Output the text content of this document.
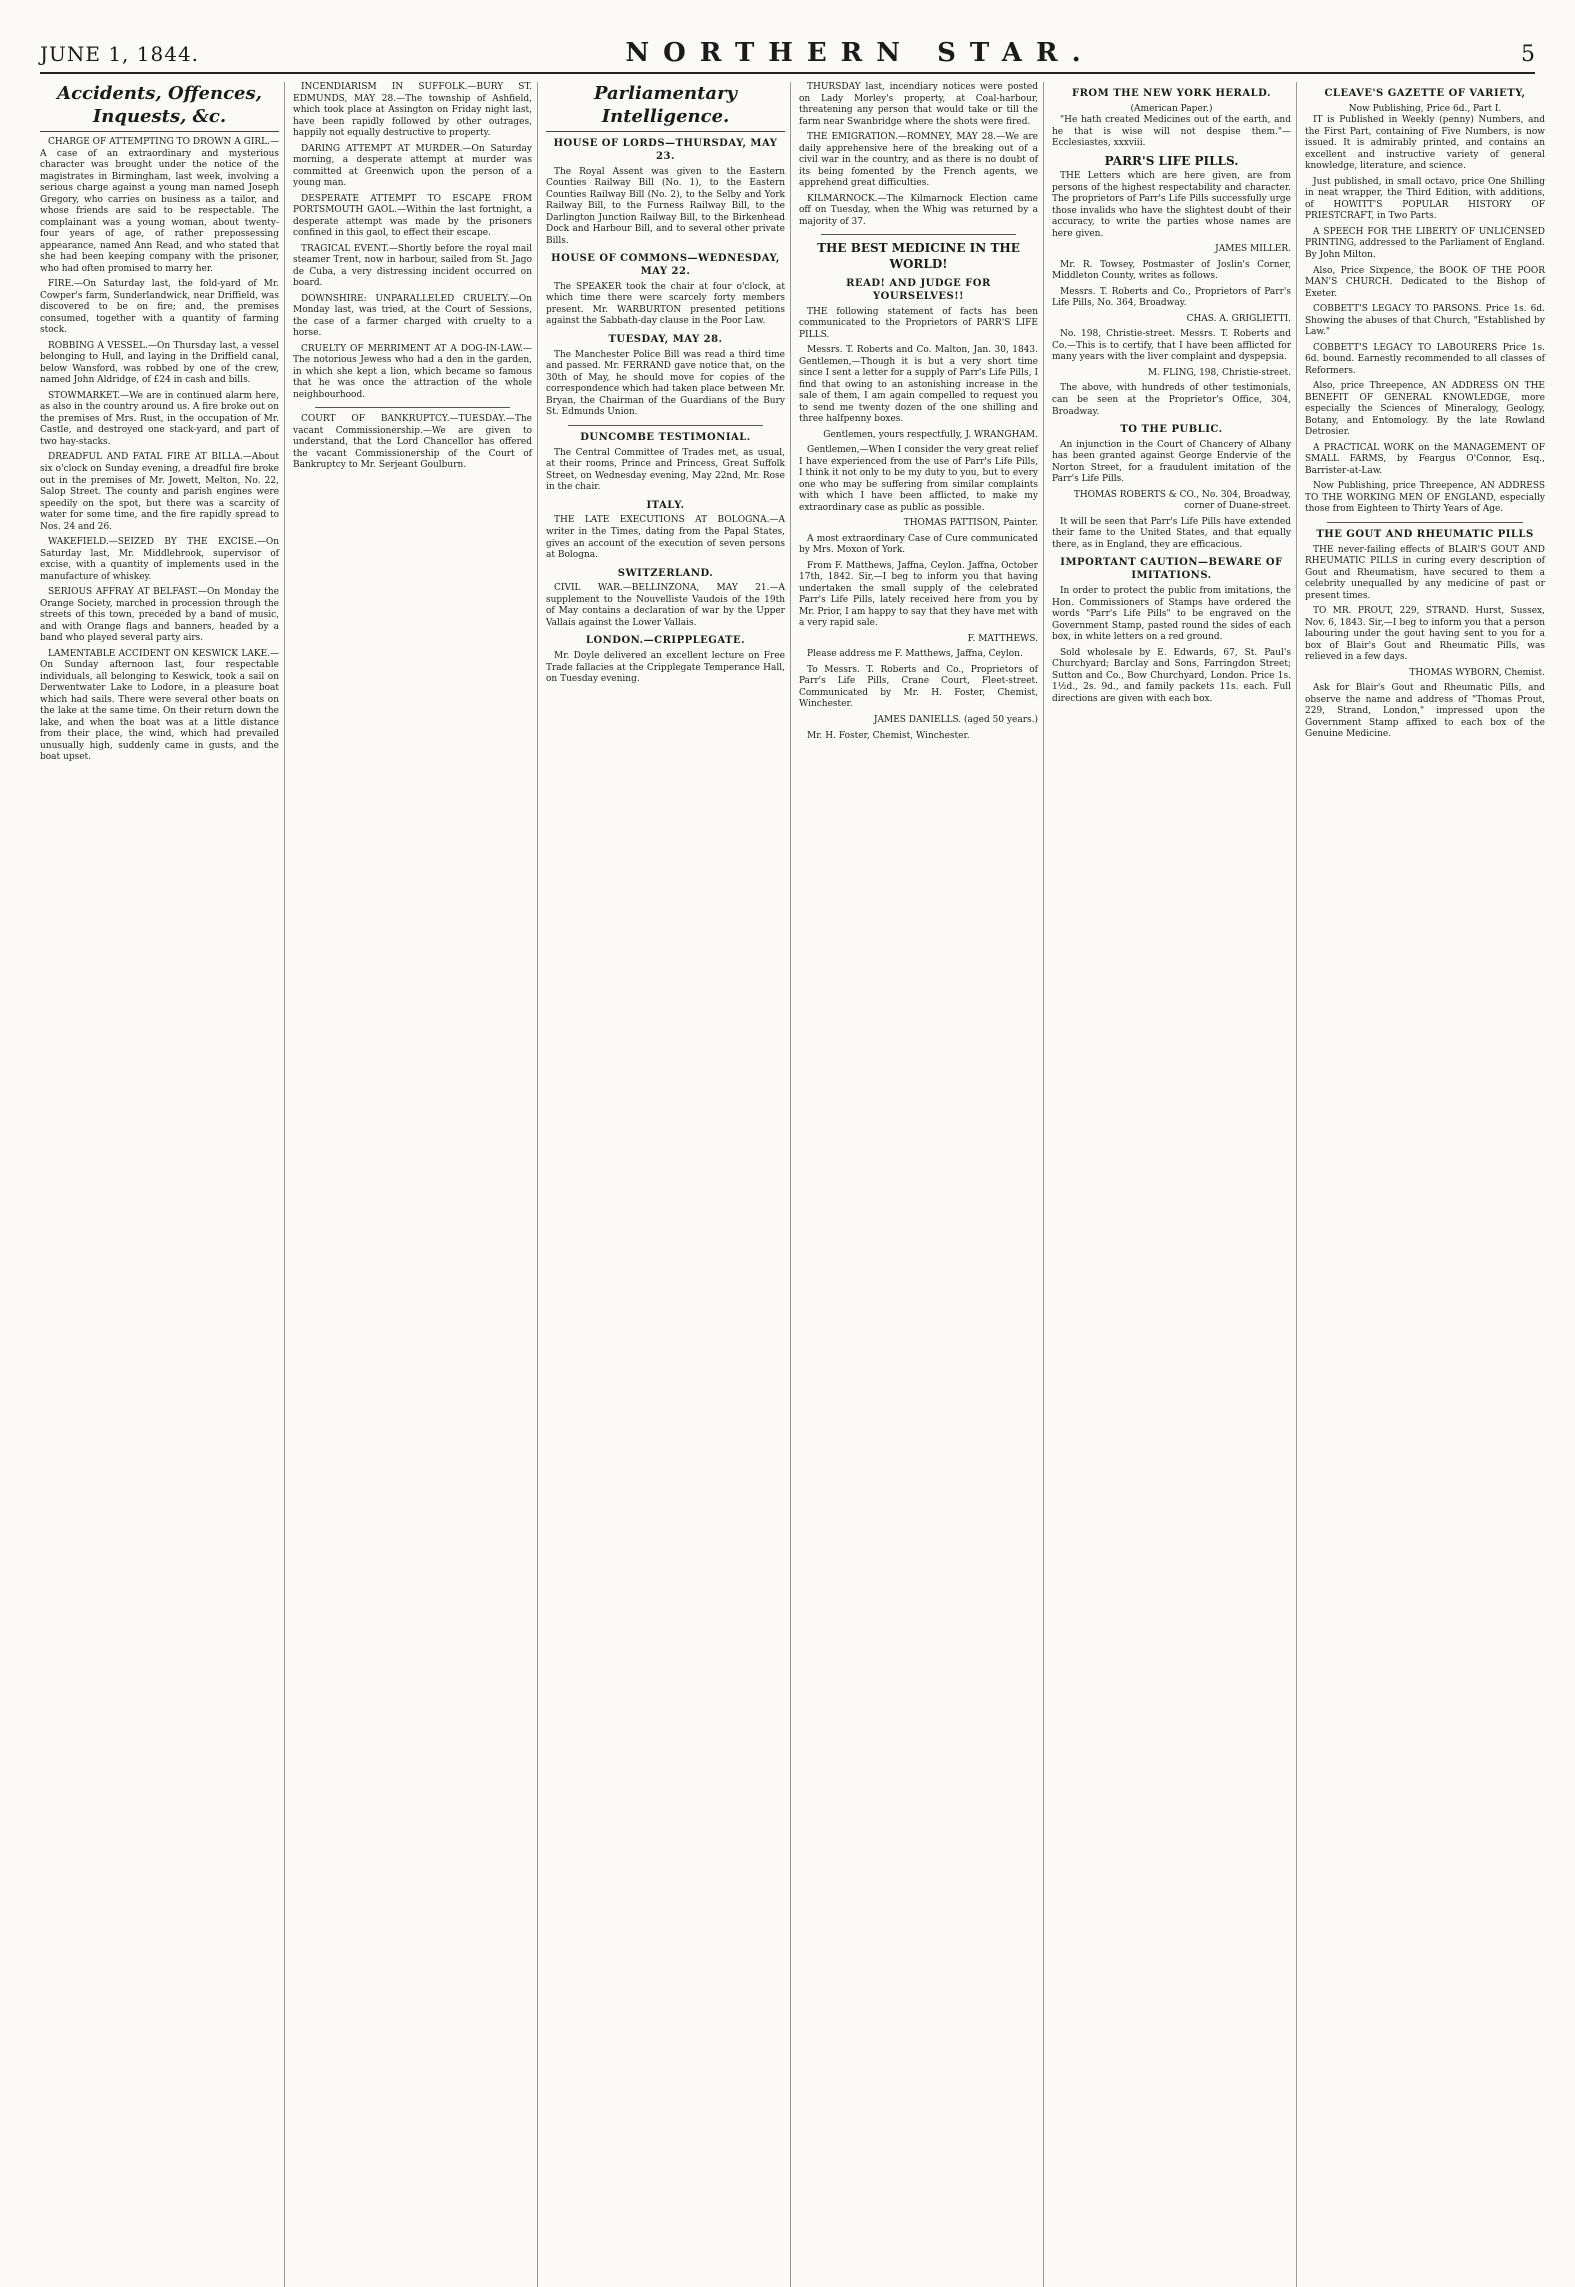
JUNE 1, 1844.	NORTHERN STAR.	5
Accidents, Offences, Inquests, &c.

CHARGE OF ATTEMPTING TO DROWN A GIRL.—A case of an extraordinary and mysterious character was brought under the notice of the magistrates in Birmingham, last week, involving a serious charge against a young man named Joseph Gregory, who carries on business as a tailor, and whose friends are said to be respectable. The complainant was a young woman, about twenty-four years of age, of rather prepossessing appearance, named Ann Read, and who stated that she had been keeping company with the prisoner, who had often promised to marry her.

FIRE.—On Saturday last, the fold-yard of Mr. Cowper's farm, Sunderlandwick, near Driffield, was discovered to be on fire; and, the premises consumed, together with a quantity of farming stock.

ROBBING A VESSEL.—On Thursday last, a vessel belonging to Hull, and laying in the Driffield canal, below Wansford, was robbed by one of the crew, named John Aldridge, of £24 in cash and bills.

STOWMARKET.—We are in continued alarm here, as also in the country around us. A fire broke out on the premises of Mrs. Rust, in the occupation of Mr. Castle, and destroyed one stack-yard, and part of two hay-stacks.

DREADFUL AND FATAL FIRE AT BILLA.—About six o'clock on Sunday evening, a dreadful fire broke out in the premises of Mr. Jowett, Melton, No. 22, Salop Street. The county and parish engines were speedily on the spot, but there was a scarcity of water for some time, and the fire rapidly spread to Nos. 24 and 26.

WAKEFIELD.—SEIZED BY THE EXCISE.—On Saturday last, Mr. Middlebrook, supervisor of excise, with a quantity of implements used in the manufacture of whiskey.

SERIOUS AFFRAY AT BELFAST.—On Monday the Orange Society, marched in procession through the streets of this town, preceded by a band of music, and with Orange flags and banners, headed by a band who played several party airs.

LAMENTABLE ACCIDENT ON KESWICK LAKE.—On Sunday afternoon last, four respectable individuals, all belonging to Keswick, took a sail on Derwentwater Lake to Lodore, in a pleasure boat which had sails. There were several other boats on the lake at the same time. On their return down the lake, and when the boat was at a little distance from their place, the wind, which had prevailed unusually high, suddenly came in gusts, and the boat upset.

INCENDIARISM IN SUFFOLK.—BURY ST. EDMUNDS, MAY 28.—The township of Ashfield, which took place at Assington on Friday night last, have been rapidly followed by other outrages, happily not equally destructive to property.

DARING ATTEMPT AT MURDER.—On Saturday morning, a desperate attempt at murder was committed at Greenwich upon the person of a young man.

DESPERATE ATTEMPT TO ESCAPE FROM PORTSMOUTH GAOL.—Within the last fortnight, a desperate attempt was made by the prisoners confined in this gaol, to effect their escape.

TRAGICAL EVENT.—Shortly before the royal mail steamer Trent, now in harbour, sailed from St. Jago de Cuba, a very distressing incident occurred on board.

DOWNSHIRE: UNPARALLELED CRUELTY.—On Monday last, was tried, at the Court of Sessions, the case of a farmer charged with cruelty to a horse.

CRUELTY OF MERRIMENT AT A DOG-IN-LAW.—The notorious Jewess who had a den in the garden, in which she kept a lion, which became so famous that he was once the attraction of the whole neighbourhood.

COURT OF BANKRUPTCY.—TUESDAY.—The vacant Commissionership.—We are given to understand, that the Lord Chancellor has offered the vacant Commissionership of the Court of Bankruptcy to Mr. Serjeant Goulburn.

Parliamentary Intelligence.
HOUSE OF LORDS—THURSDAY, MAY 23.

The Royal Assent was given to the Eastern Counties Railway Bill (No. 1), to the Eastern Counties Railway Bill (No. 2), to the Selby and York Railway Bill, to the Furness Railway Bill, to the Darlington Junction Railway Bill, to the Birkenhead Dock and Harbour Bill, and to several other private Bills.

HOUSE OF COMMONS—WEDNESDAY, MAY 22.

The SPEAKER took the chair at four o'clock, at which time there were scarcely forty members present. Mr. WARBURTON presented petitions against the Sabbath-day clause in the Poor Law.

TUESDAY, MAY 28.

The Manchester Police Bill was read a third time and passed. Mr. FERRAND gave notice that, on the 30th of May, he should move for copies of the correspondence which had taken place between Mr. Bryan, the Chairman of the Guardians of the Bury St. Edmunds Union.

DUNCOMBE TESTIMONIAL.

The Central Committee of Trades met, as usual, at their rooms, Prince and Princess, Great Suffolk Street, on Wednesday evening, May 22nd, Mr. Rose in the chair.

ITALY.

THE LATE EXECUTIONS AT BOLOGNA.—A writer in the Times, dating from the Papal States, gives an account of the execution of seven persons at Bologna.

SWITZERLAND.

CIVIL WAR.—BELLINZONA, MAY 21.—A supplement to the Nouvelliste Vaudois of the 19th of May contains a declaration of war by the Upper Vallais against the Lower Vallais.

LONDON.—CRIPPLEGATE.

Mr. Doyle delivered an excellent lecture on Free Trade fallacies at the Cripplegate Temperance Hall, on Tuesday evening.

THURSDAY last, incendiary notices were posted on Lady Morley's property, at Coal-harbour, threatening any person that would take or till the farm near Swanbridge where the shots were fired.

THE EMIGRATION.—ROMNEY, MAY 28.—We are daily apprehensive here of the breaking out of a civil war in the country, and as there is no doubt of its being fomented by the French agents, we apprehend great difficulties.

KILMARNOCK.—The Kilmarnock Election came off on Tuesday, when the Whig was returned by a majority of 37.

THE BEST MEDICINE IN THE WORLD!
READ! AND JUDGE FOR YOURSELVES!!

THE following statement of facts has been communicated to the Proprietors of PARR'S LIFE PILLS.

Messrs. T. Roberts and Co. Malton, Jan. 30, 1843. Gentlemen,—Though it is but a very short time since I sent a letter for a supply of Parr's Life Pills, I find that owing to an astonishing increase in the sale of them, I am again compelled to request you to send me twenty dozen of the one shilling and three halfpenny boxes.

Gentlemen, yours respectfully, J. WRANGHAM.

Gentlemen,—When I consider the very great relief I have experienced from the use of Parr's Life Pills, I think it not only to be my duty to you, but to every one who may be suffering from similar complaints with which I have been afflicted, to make my extraordinary case as public as possible.

THOMAS PATTISON, Painter.

A most extraordinary Case of Cure communicated by Mrs. Moxon of York.

From F. Matthews, Jaffna, Ceylon. Jaffna, October 17th, 1842. Sir,—I beg to inform you that having undertaken the small supply of the celebrated Parr's Life Pills, lately received here from you by Mr. Prior, I am happy to say that they have met with a very rapid sale.

F. MATTHEWS.

Please address me F. Matthews, Jaffna, Ceylon.

To Messrs. T. Roberts and Co., Proprietors of Parr's Life Pills, Crane Court, Fleet-street. Communicated by Mr. H. Foster, Chemist, Winchester.

JAMES DANIELLS. (aged 50 years.)

Mr. H. Foster, Chemist, Winchester.

FROM THE NEW YORK HERALD.
(American Paper.)

"He hath created Medicines out of the earth, and he that is wise will not despise them."—Ecclesiastes, xxxviii.

PARR'S LIFE PILLS.

THE Letters which are here given, are from persons of the highest respectability and character. The proprietors of Parr's Life Pills successfully urge those invalids who have the slightest doubt of their accuracy, to write the parties whose names are here given.

JAMES MILLER.

Mr. R. Towsey, Postmaster of Joslin's Corner, Middleton County, writes as follows.

Messrs. T. Roberts and Co., Proprietors of Parr's Life Pills, No. 364, Broadway.

CHAS. A. GRIGLIETTI.

No. 198, Christie-street. Messrs. T. Roberts and Co.—This is to certify, that I have been afflicted for many years with the liver complaint and dyspepsia.

M. FLING, 198, Christie-street.

The above, with hundreds of other testimonials, can be seen at the Proprietor's Office, 304, Broadway.

TO THE PUBLIC.

An injunction in the Court of Chancery of Albany has been granted against George Endervie of the Norton Street, for a fraudulent imitation of the Parr's Life Pills.

THOMAS ROBERTS & CO., No. 304, Broadway, corner of Duane-street.

It will be seen that Parr's Life Pills have extended their fame to the United States, and that equally there, as in England, they are efficacious.

IMPORTANT CAUTION—BEWARE OF IMITATIONS.

In order to protect the public from imitations, the Hon. Commissioners of Stamps have ordered the words "Parr's Life Pills" to be engraved on the Government Stamp, pasted round the sides of each box, in white letters on a red ground.

Sold wholesale by E. Edwards, 67, St. Paul's Churchyard; Barclay and Sons, Farringdon Street; Sutton and Co., Bow Churchyard, London. Price 1s. 1½d., 2s. 9d., and family packets 11s. each. Full directions are given with each box.

CLEAVE'S GAZETTE OF VARIETY,
Now Publishing, Price 6d., Part I.

IT is Published in Weekly (penny) Numbers, and the First Part, containing of Five Numbers, is now issued. It is admirably printed, and contains an excellent and instructive variety of general knowledge, literature, and science.

Just published, in small octavo, price One Shilling in neat wrapper, the Third Edition, with additions, of HOWITT'S POPULAR HISTORY OF PRIESTCRAFT, in Two Parts.

A SPEECH FOR THE LIBERTY OF UNLICENSED PRINTING, addressed to the Parliament of England. By John Milton.

Also, Price Sixpence, the BOOK OF THE POOR MAN'S CHURCH. Dedicated to the Bishop of Exeter.

COBBETT'S LEGACY TO PARSONS. Price 1s. 6d. Showing the abuses of that Church, "Established by Law."

COBBETT'S LEGACY TO LABOURERS Price 1s. 6d. bound. Earnestly recommended to all classes of Reformers.

Also, price Threepence, AN ADDRESS ON THE BENEFIT OF GENERAL KNOWLEDGE, more especially the Sciences of Mineralogy, Geology, Botany, and Entomology. By the late Rowland Detrosier.

A PRACTICAL WORK on the MANAGEMENT OF SMALL FARMS, by Feargus O'Connor, Esq., Barrister-at-Law.

Now Publishing, price Threepence, AN ADDRESS TO THE WORKING MEN OF ENGLAND, especially those from Eighteen to Thirty Years of Age.

THE GOUT AND RHEUMATIC PILLS

THE never-failing effects of BLAIR'S GOUT AND RHEUMATIC PILLS in curing every description of Gout and Rheumatism, have secured to them a celebrity unequalled by any medicine of past or present times.

TO MR. PROUT, 229, STRAND. Hurst, Sussex, Nov. 6, 1843. Sir,—I beg to inform you that a person labouring under the gout having sent to you for a box of Blair's Gout and Rheumatic Pills, was relieved in a few days.

THOMAS WYBORN, Chemist.

Ask for Blair's Gout and Rheumatic Pills, and observe the name and address of "Thomas Prout, 229, Strand, London," impressed upon the Government Stamp affixed to each box of the Genuine Medicine.
